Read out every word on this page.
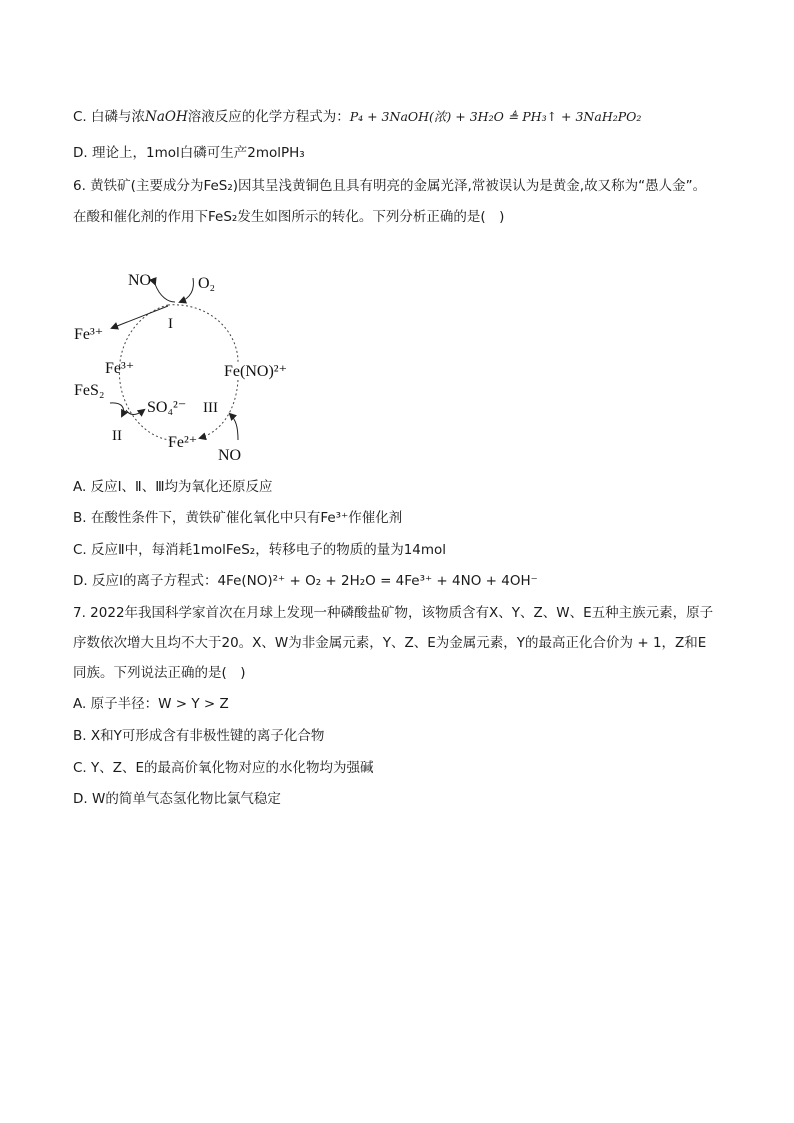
C. 白磷与浓NaOH溶液反应的化学方程式为：P₄ + 3NaOH(浓) + 3H₂O ≜ PH₃↑ + 3NaH₂PO₂
D. 理论上，1mol白磷可生产2molPH₃
6. 黄铁矿(主要成分为FeS₂)因其呈浅黄铜色且具有明亮的金属光泽,常被误认为是黄金,故又称为“愚人金”。
在酸和催化剂的作用下FeS₂发生如图所示的转化。下列分析正确的是(　)
NO	O₂
Fe³⁺
I
Fe³⁺
FeS₂
SO₄²⁻
Fe(NO)²⁺
III
II	Fe²⁺
NO
A. 反应Ⅰ、Ⅱ、Ⅲ均为氧化还原反应
B. 在酸性条件下，黄铁矿催化氧化中只有Fe³⁺作催化剂
C. 反应Ⅱ中，每消耗1molFeS₂，转移电子的物质的量为14mol
D. 反应Ⅰ的离子方程式：4Fe(NO)²⁺ + O₂ + 2H₂O = 4Fe³⁺ + 4NO + 4OH⁻
7. 2022年我国科学家首次在月球上发现一种磷酸盐矿物，该物质含有X、Y、Z、W、E五种主族元素，原子
序数依次增大且均不大于20。X、W为非金属元素，Y、Z、E为金属元素，Y的最高正化合价为 + 1，Z和E
同族。下列说法正确的是(　)
A. 原子半径：W > Y > Z
B. X和Y可形成含有非极性键的离子化合物
C. Y、Z、E的最高价氧化物对应的水化物均为强碱
D. W的简单气态氢化物比氯气稳定
